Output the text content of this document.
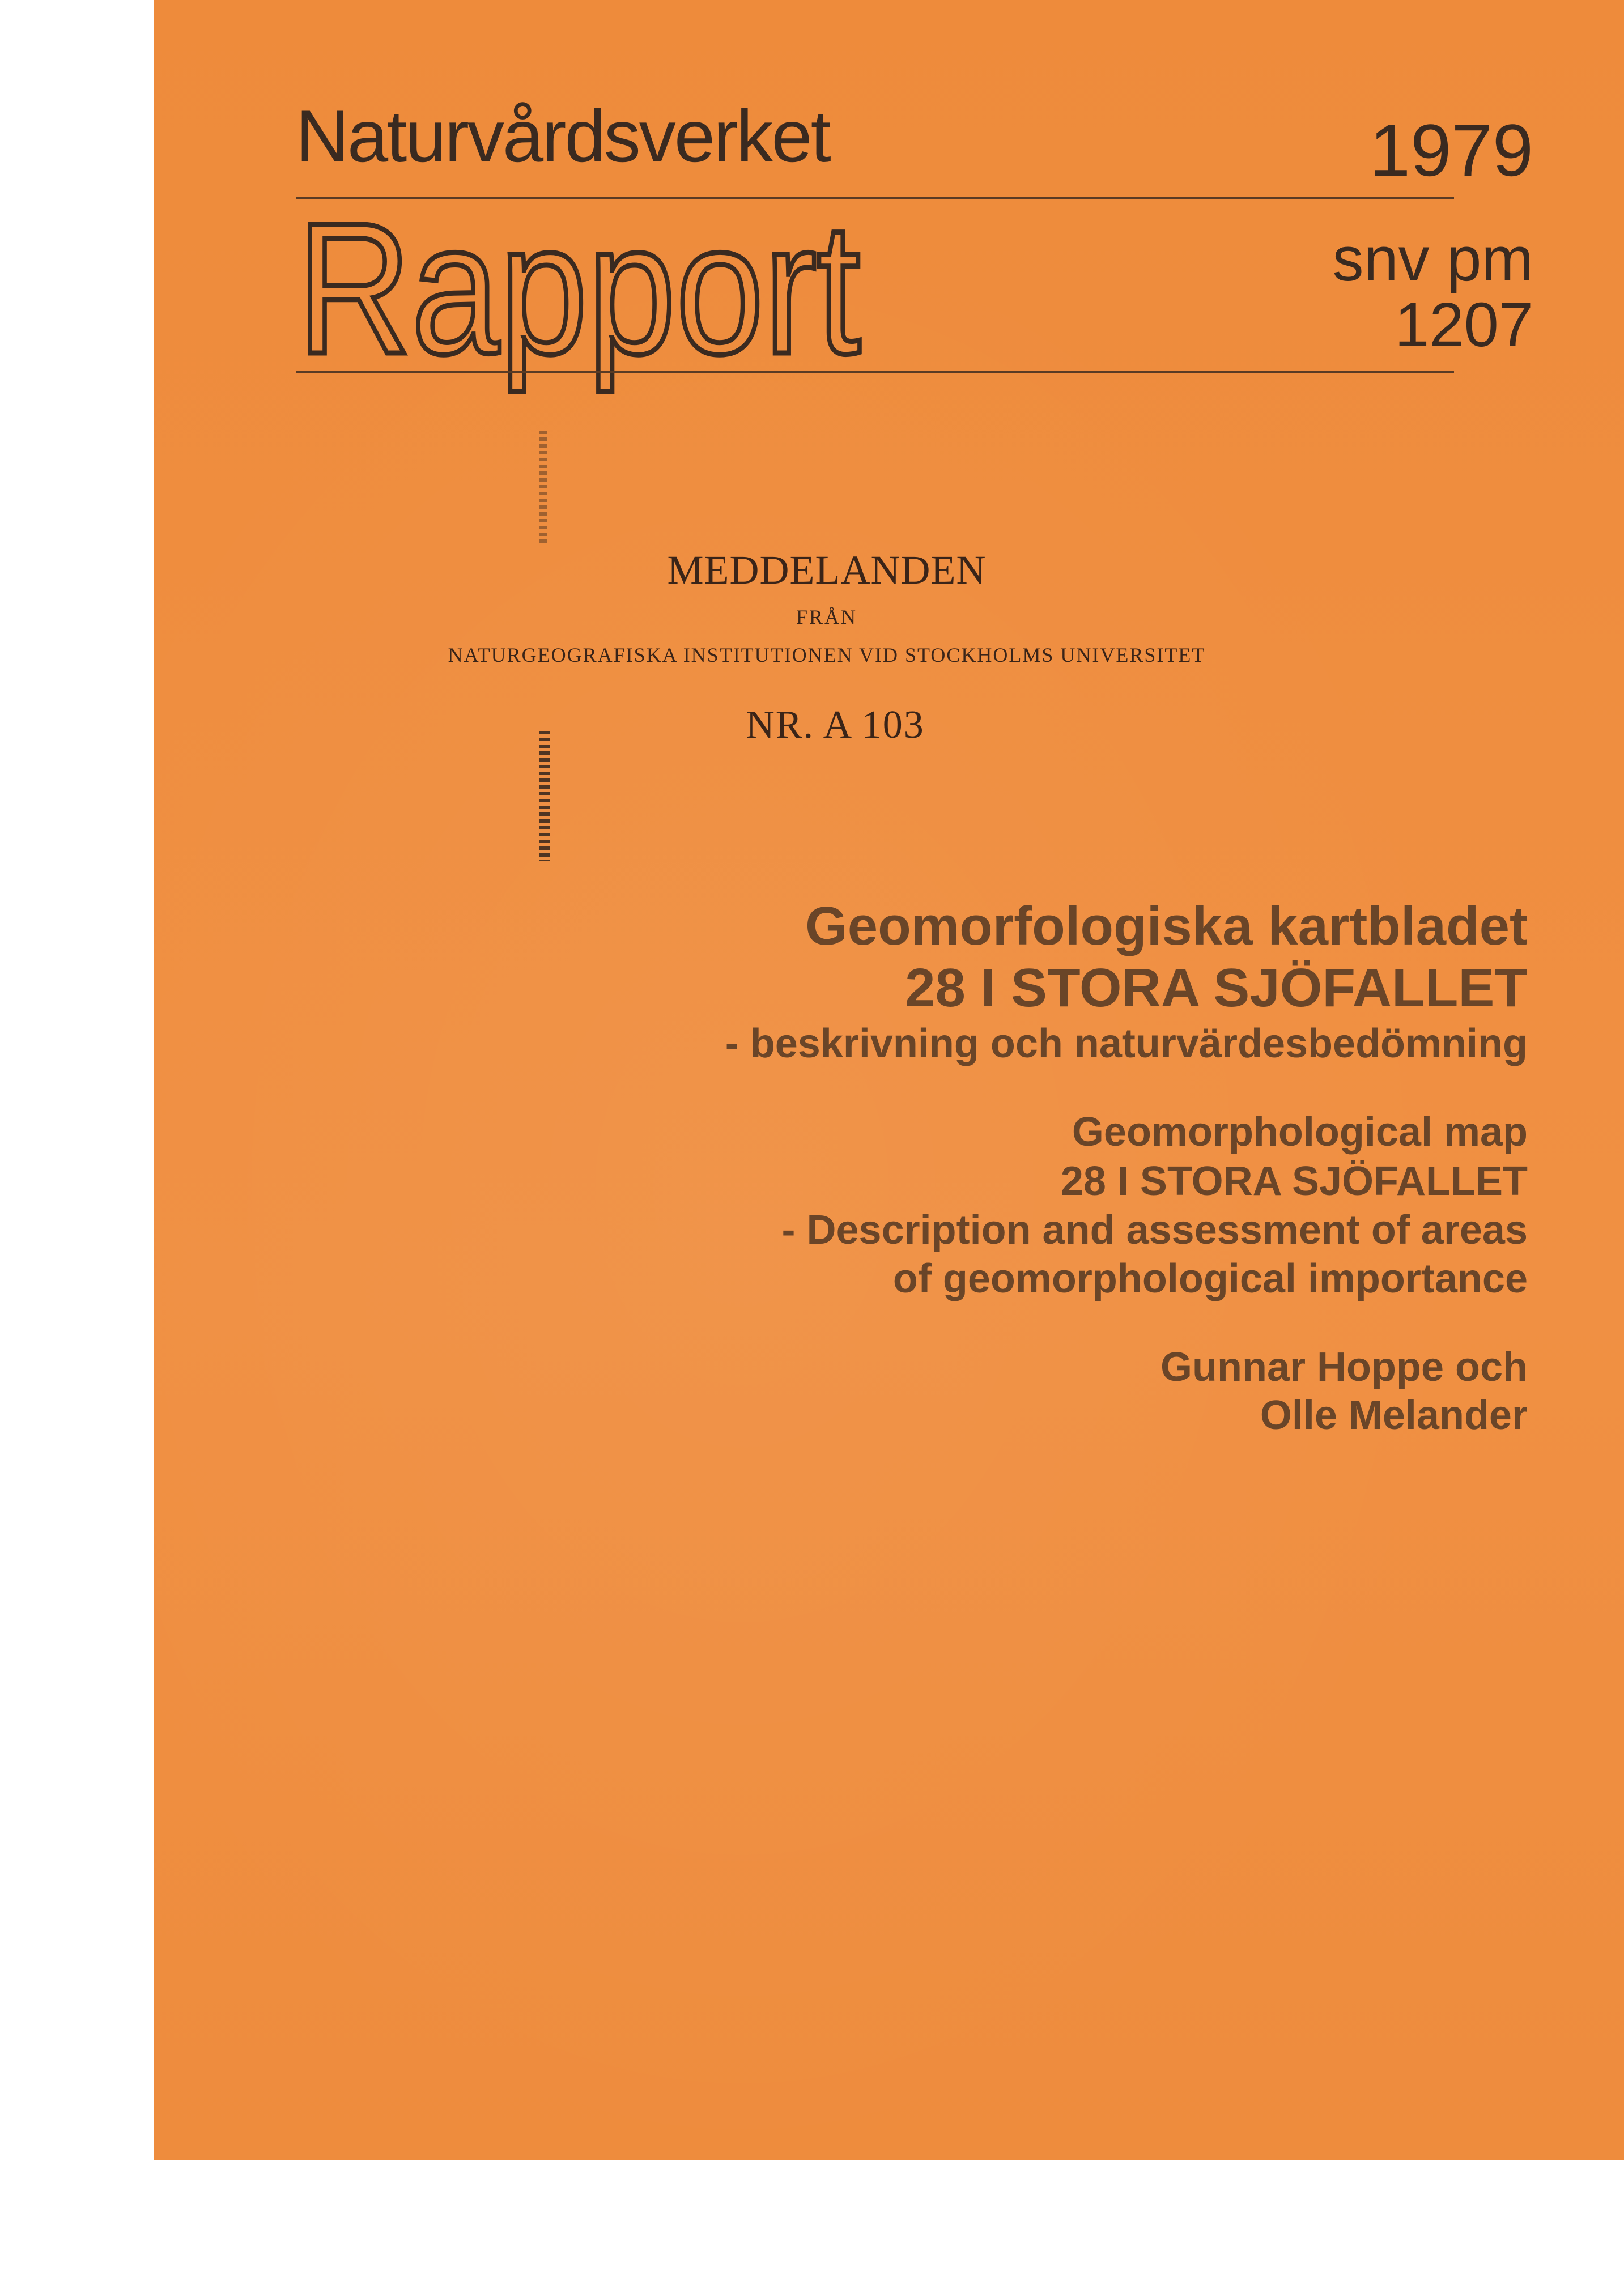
Naturvårdsverket	1979
Rapport	snv pm
1207
MEDDELANDEN
FRÅN
NATURGEOGRAFISKA INSTITUTIONEN VID STOCKHOLMS UNIVERSITET
NR. A 103
Geomorfologiska kartbladet
28 I STORA SJÖFALLET
- beskrivning och naturvärdesbedömning
Geomorphological map
28 I STORA SJÖFALLET
- Description and assessment of areas
of geomorphological importance
Gunnar Hoppe och
Olle Melander
